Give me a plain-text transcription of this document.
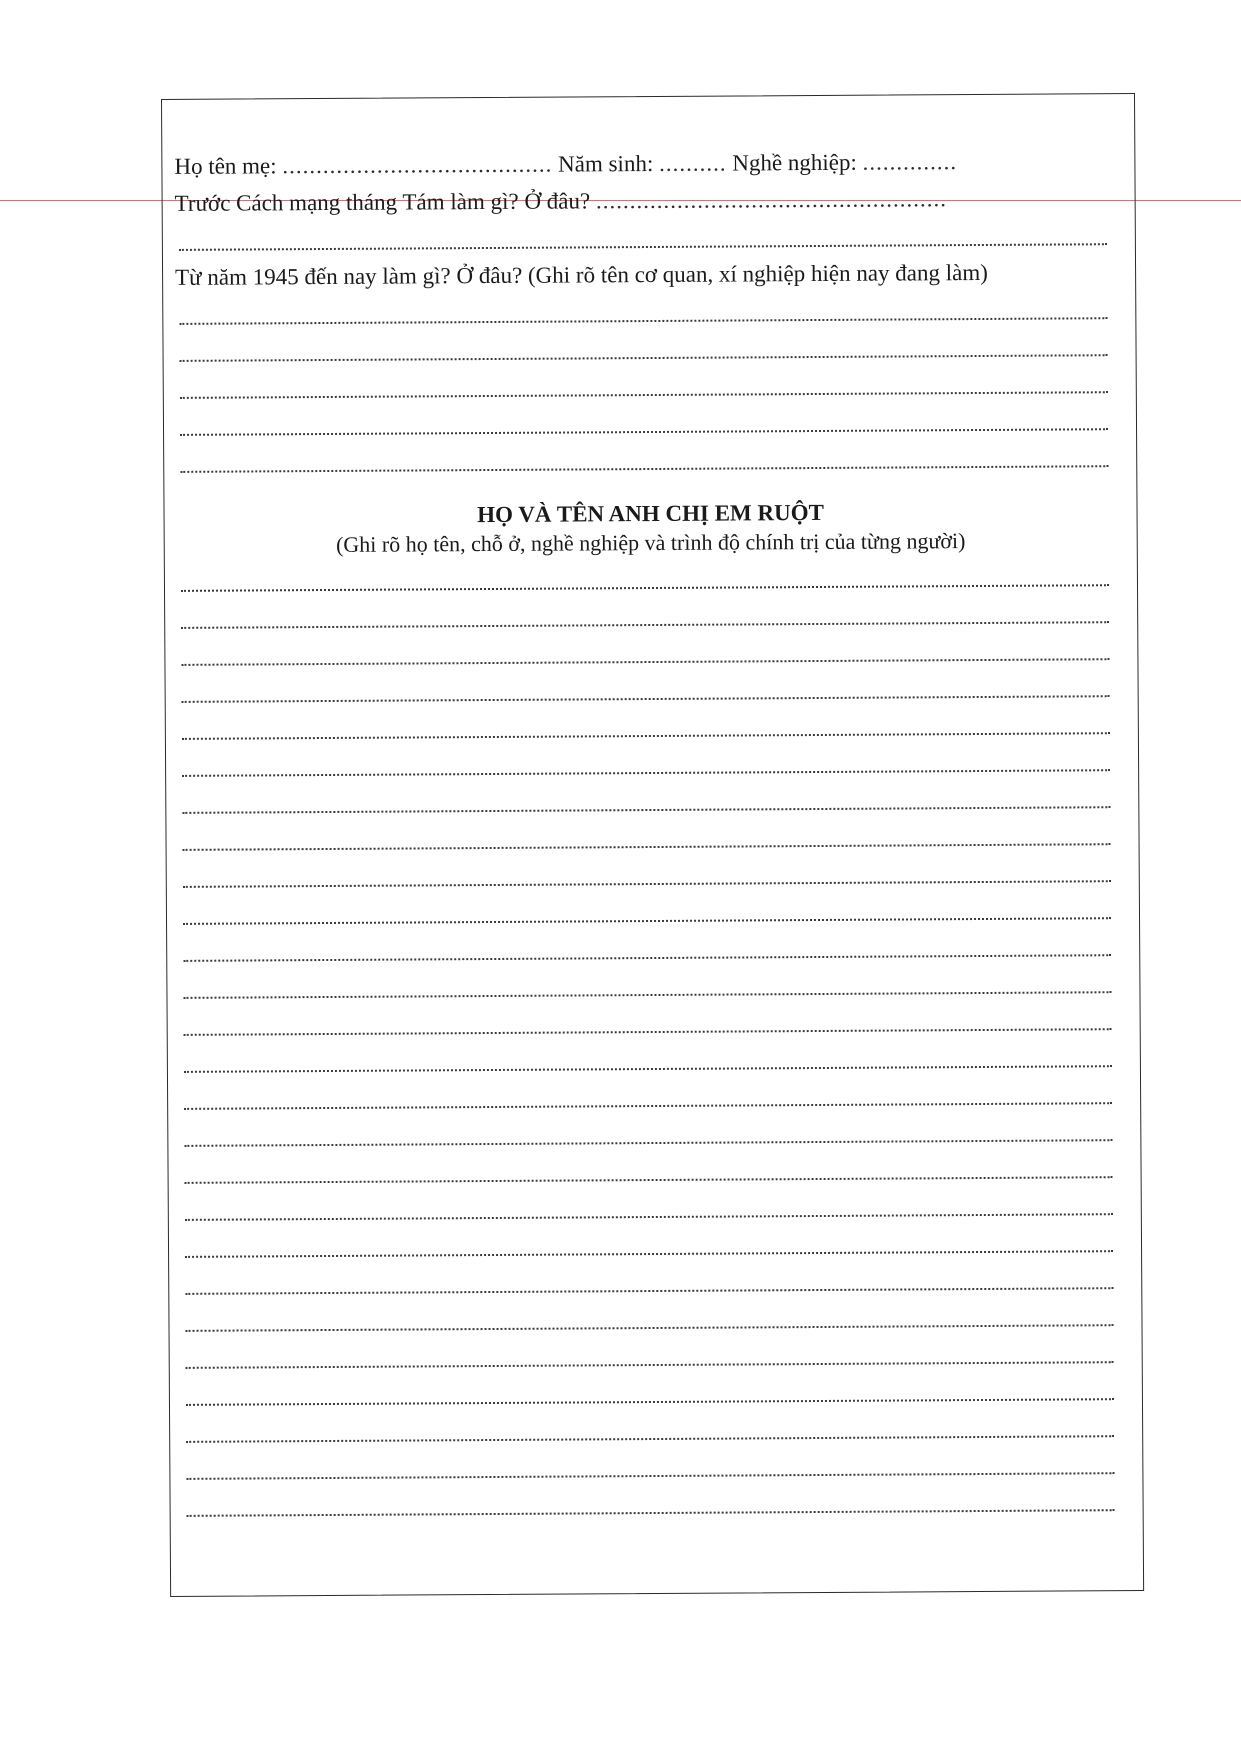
Họ tên mẹ: ........................................ Năm sinh: .......... Nghề nghiệp: ..............
Trước Cách mạng tháng Tám làm gì? Ở đâu? ....................................................
Từ năm 1945 đến nay làm gì? Ở đâu? (Ghi rõ tên cơ quan, xí nghiệp hiện nay đang làm)
HỌ VÀ TÊN ANH CHỊ EM RUỘT
(Ghi rõ họ tên, chỗ ở, nghề nghiệp và trình độ chính trị của từng người)
